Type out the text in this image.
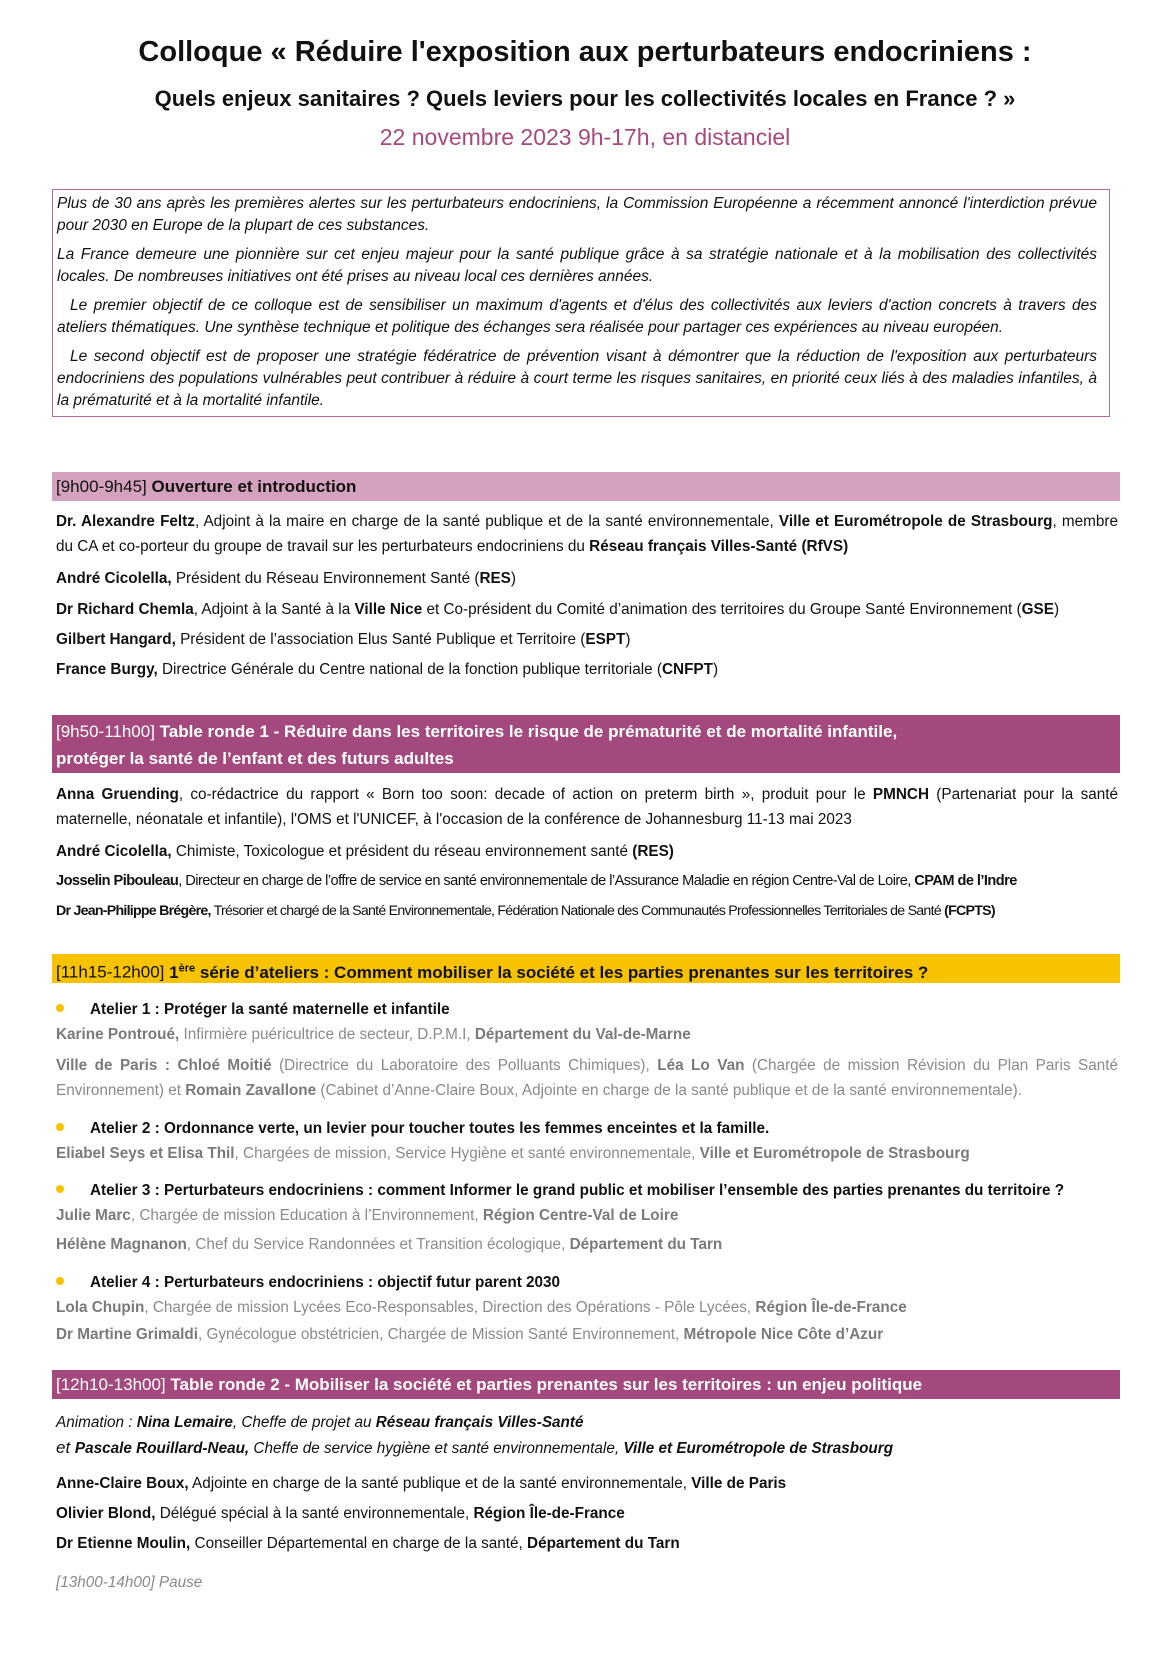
Colloque « Réduire l'exposition aux perturbateurs endocriniens :
Quels enjeux sanitaires ? Quels leviers pour les collectivités locales en France ? »
22 novembre 2023 9h-17h, en distanciel

Plus de 30 ans après les premières alertes sur les perturbateurs endocriniens, la Commission Européenne a récemment annoncé l'interdiction prévue pour 2030 en Europe de la plupart de ces substances.

La France demeure une pionnière sur cet enjeu majeur pour la santé publique grâce à sa stratégie nationale et à la mobilisation des collectivités locales. De nombreuses initiatives ont été prises au niveau local ces dernières années.

Le premier objectif de ce colloque est de sensibiliser un maximum d'agents et d'élus des collectivités aux leviers d'action concrets à travers des ateliers thématiques. Une synthèse technique et politique des échanges sera réalisée pour partager ces expériences au niveau européen.

Le second objectif est de proposer une stratégie fédératrice de prévention visant à démontrer que la réduction de l'exposition aux perturbateurs endocriniens des populations vulnérables peut contribuer à réduire à court terme les risques sanitaires, en priorité ceux liés à des maladies infantiles, à la prématurité et à la mortalité infantile.

[9h00-9h45] Ouverture et introduction
Dr. Alexandre Feltz, Adjoint à la maire en charge de la santé publique et de la santé environnementale, Ville et Eurométropole de Strasbourg, membre du CA et co-porteur du groupe de travail sur les perturbateurs endocriniens du Réseau français Villes-Santé (RfVS)
André Cicolella, Président du Réseau Environnement Santé (RES)
Dr Richard Chemla, Adjoint à la Santé à la Ville Nice et Co-président du Comité d’animation des territoires du Groupe Santé Environnement (GSE)
Gilbert Hangard, Président de l’association Elus Santé Publique et Territoire (ESPT)
France Burgy, Directrice Générale du Centre national de la fonction publique territoriale (CNFPT)
[9h50-11h00] Table ronde 1 - Réduire dans les territoires le risque de prématurité et de mortalité infantile,
protéger la santé de l’enfant et des futurs adultes
Anna Gruending, co-rédactrice du rapport « Born too soon: decade of action on preterm birth », produit pour le PMNCH (Partenariat pour la santé maternelle, néonatale et infantile), l'OMS et l'UNICEF, à l'occasion de la conférence de Johannesburg 11-13 mai 2023
André Cicolella, Chimiste, Toxicologue et président du réseau environnement santé (RES)
Josselin Pibouleau, Directeur en charge de l’offre de service en santé environnementale de l’Assurance Maladie en région Centre-Val de Loire, CPAM de l’Indre
Dr Jean-Philippe Brégère, Trésorier et chargé de la Santé Environnementale, Fédération Nationale des Communautés Professionnelles Territoriales de Santé (FCPTS)
[11h15-12h00] 1ère série d’ateliers : Comment mobiliser la société et les parties prenantes sur les territoires ?
Atelier 1 : Protéger la santé maternelle et infantile
Karine Pontroué, Infirmière puéricultrice de secteur, D.P.M.I, Département du Val-de-Marne
Ville de Paris : Chloé Moitié (Directrice du Laboratoire des Polluants Chimiques), Léa Lo Van (Chargée de mission Révision du Plan Paris Santé Environnement) et Romain Zavallone (Cabinet d’Anne-Claire Boux, Adjointe en charge de la santé publique et de la santé environnementale).
Atelier 2 : Ordonnance verte, un levier pour toucher toutes les femmes enceintes et la famille.
Eliabel Seys et Elisa Thil, Chargées de mission, Service Hygiène et santé environnementale, Ville et Eurométropole de Strasbourg
Atelier 3 : Perturbateurs endocriniens : comment Informer le grand public et mobiliser l’ensemble des parties prenantes du territoire ?
Julie Marc, Chargée de mission Education à l’Environnement, Région Centre-Val de Loire
Hélène Magnanon, Chef du Service Randonnées et Transition écologique, Département du Tarn
Atelier 4 : Perturbateurs endocriniens : objectif futur parent 2030
Lola Chupin, Chargée de mission Lycées Eco-Responsables, Direction des Opérations - Pôle Lycées, Région Île-de-France
Dr Martine Grimaldi, Gynécologue obstétricien, Chargée de Mission Santé Environnement, Métropole Nice Côte d’Azur
[12h10-13h00] Table ronde 2 - Mobiliser la société et parties prenantes sur les territoires : un enjeu politique
Animation : Nina Lemaire, Cheffe de projet au Réseau français Villes-Santé
et Pascale Rouillard-Neau, Cheffe de service hygiène et santé environnementale, Ville et Eurométropole de Strasbourg
Anne-Claire Boux, Adjointe en charge de la santé publique et de la santé environnementale, Ville de Paris
Olivier Blond, Délégué spécial à la santé environnementale, Région Île-de-France
Dr Etienne Moulin, Conseiller Départemental en charge de la santé, Département du Tarn
[13h00-14h00] Pause
